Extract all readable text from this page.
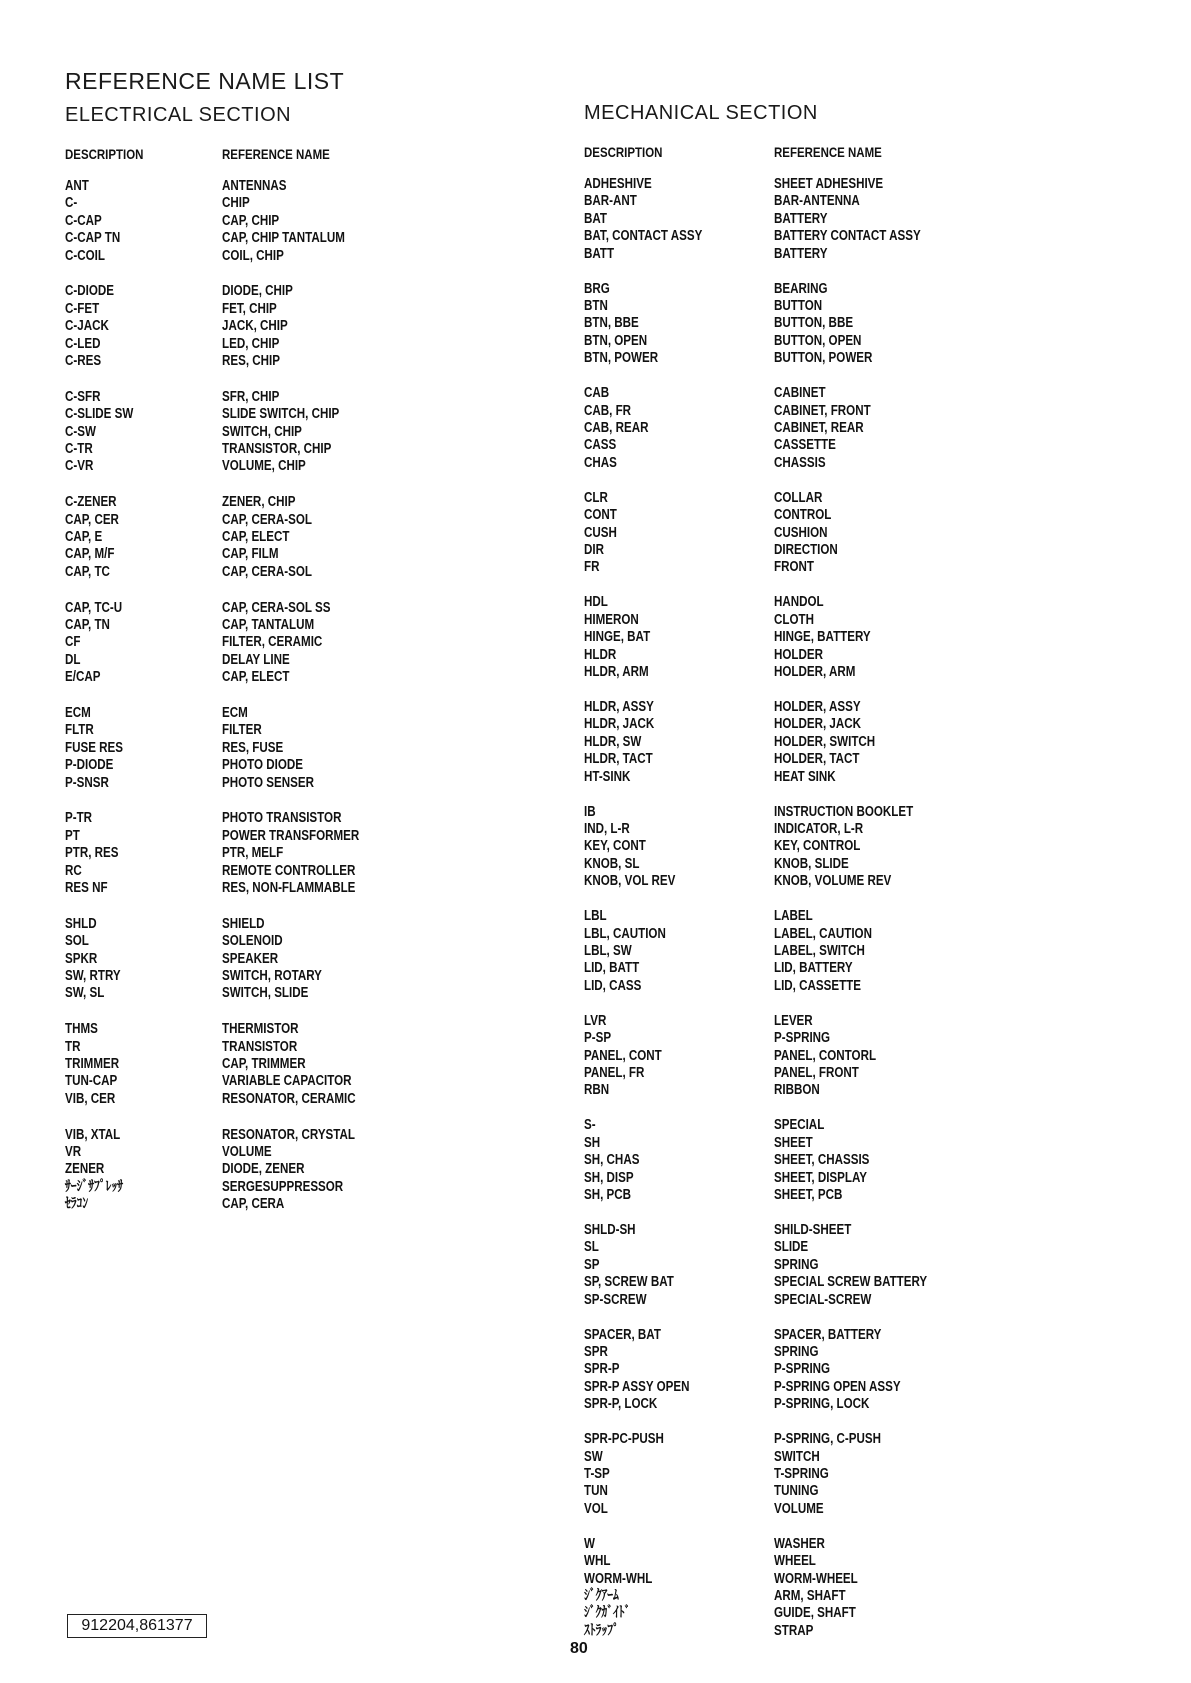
REFERENCE NAME LIST
ELECTRICAL SECTION
DESCRIPTION	REFERENCE NAME
ANT	ANTENNAS
C-	CHIP
C-CAP	CAP, CHIP
C-CAP TN	CAP, CHIP TANTALUM
C-COIL	COIL, CHIP
C-DIODE	DIODE, CHIP
C-FET	FET, CHIP
C-JACK	JACK, CHIP
C-LED	LED, CHIP
C-RES	RES, CHIP
C-SFR	SFR, CHIP
C-SLIDE SW	SLIDE SWITCH, CHIP
C-SW	SWITCH, CHIP
C-TR	TRANSISTOR, CHIP
C-VR	VOLUME, CHIP
C-ZENER	ZENER, CHIP
CAP, CER	CAP, CERA-SOL
CAP, E	CAP, ELECT
CAP, M/F	CAP, FILM
CAP, TC	CAP, CERA-SOL
CAP, TC-U	CAP, CERA-SOL SS
CAP, TN	CAP, TANTALUM
CF	FILTER, CERAMIC
DL	DELAY LINE
E/CAP	CAP, ELECT
ECM	ECM
FLTR	FILTER
FUSE RES	RES, FUSE
P-DIODE	PHOTO DIODE
P-SNSR	PHOTO SENSER
P-TR	PHOTO TRANSISTOR
PT	POWER TRANSFORMER
PTR, RES	PTR, MELF
RC	REMOTE CONTROLLER
RES NF	RES, NON-FLAMMABLE
SHLD	SHIELD
SOL	SOLENOID
SPKR	SPEAKER
SW, RTRY	SWITCH, ROTARY
SW, SL	SWITCH, SLIDE
THMS	THERMISTOR
TR	TRANSISTOR
TRIMMER	CAP, TRIMMER
TUN-CAP	VARIABLE CAPACITOR
VIB, CER	RESONATOR, CERAMIC
VIB, XTAL	RESONATOR, CRYSTAL
VR	VOLUME
ZENER	DIODE, ZENER
ｻｰｼﾞｻﾌﾟﾚｯｻ	SERGESUPPRESSOR
ｾﾗｺﾝ	CAP, CERA
MECHANICAL SECTION
DESCRIPTION	REFERENCE NAME
ADHESHIVE	SHEET ADHESHIVE
BAR-ANT	BAR-ANTENNA
BAT	BATTERY
BAT, CONTACT ASSY	BATTERY CONTACT ASSY
BATT	BATTERY
BRG	BEARING
BTN	BUTTON
BTN, BBE	BUTTON, BBE
BTN, OPEN	BUTTON, OPEN
BTN, POWER	BUTTON, POWER
CAB	CABINET
CAB, FR	CABINET, FRONT
CAB, REAR	CABINET, REAR
CASS	CASSETTE
CHAS	CHASSIS
CLR	COLLAR
CONT	CONTROL
CUSH	CUSHION
DIR	DIRECTION
FR	FRONT
HDL	HANDOL
HIMERON	CLOTH
HINGE, BAT	HINGE, BATTERY
HLDR	HOLDER
HLDR, ARM	HOLDER, ARM
HLDR, ASSY	HOLDER, ASSY
HLDR, JACK	HOLDER, JACK
HLDR, SW	HOLDER, SWITCH
HLDR, TACT	HOLDER, TACT
HT-SINK	HEAT SINK
IB	INSTRUCTION BOOKLET
IND, L-R	INDICATOR, L-R
KEY, CONT	KEY, CONTROL
KNOB, SL	KNOB, SLIDE
KNOB, VOL REV	KNOB, VOLUME REV
LBL	LABEL
LBL, CAUTION	LABEL, CAUTION
LBL, SW	LABEL, SWITCH
LID, BATT	LID, BATTERY
LID, CASS	LID, CASSETTE
LVR	LEVER
P-SP	P-SPRING
PANEL, CONT	PANEL, CONTORL
PANEL, FR	PANEL, FRONT
RBN	RIBBON
S-	SPECIAL
SH	SHEET
SH, CHAS	SHEET, CHASSIS
SH, DISP	SHEET, DISPLAY
SH, PCB	SHEET, PCB
SHLD-SH	SHILD-SHEET
SL	SLIDE
SP	SPRING
SP, SCREW BAT	SPECIAL SCREW BATTERY
SP-SCREW	SPECIAL-SCREW
SPACER, BAT	SPACER, BATTERY
SPR	SPRING
SPR-P	P-SPRING
SPR-P ASSY OPEN	P-SPRING OPEN ASSY
SPR-P, LOCK	P-SPRING, LOCK
SPR-PC-PUSH	P-SPRING, C-PUSH
SW	SWITCH
T-SP	T-SPRING
TUN	TUNING
VOL	VOLUME
W	WASHER
WHL	WHEEL
WORM-WHL	WORM-WHEEL
ｼﾞｸｱｰﾑ	ARM, SHAFT
ｼﾞｸｶﾞｲﾄﾞ	GUIDE, SHAFT
ｽﾄﾗｯﾌﾟ	STRAP
912204,861377
80
